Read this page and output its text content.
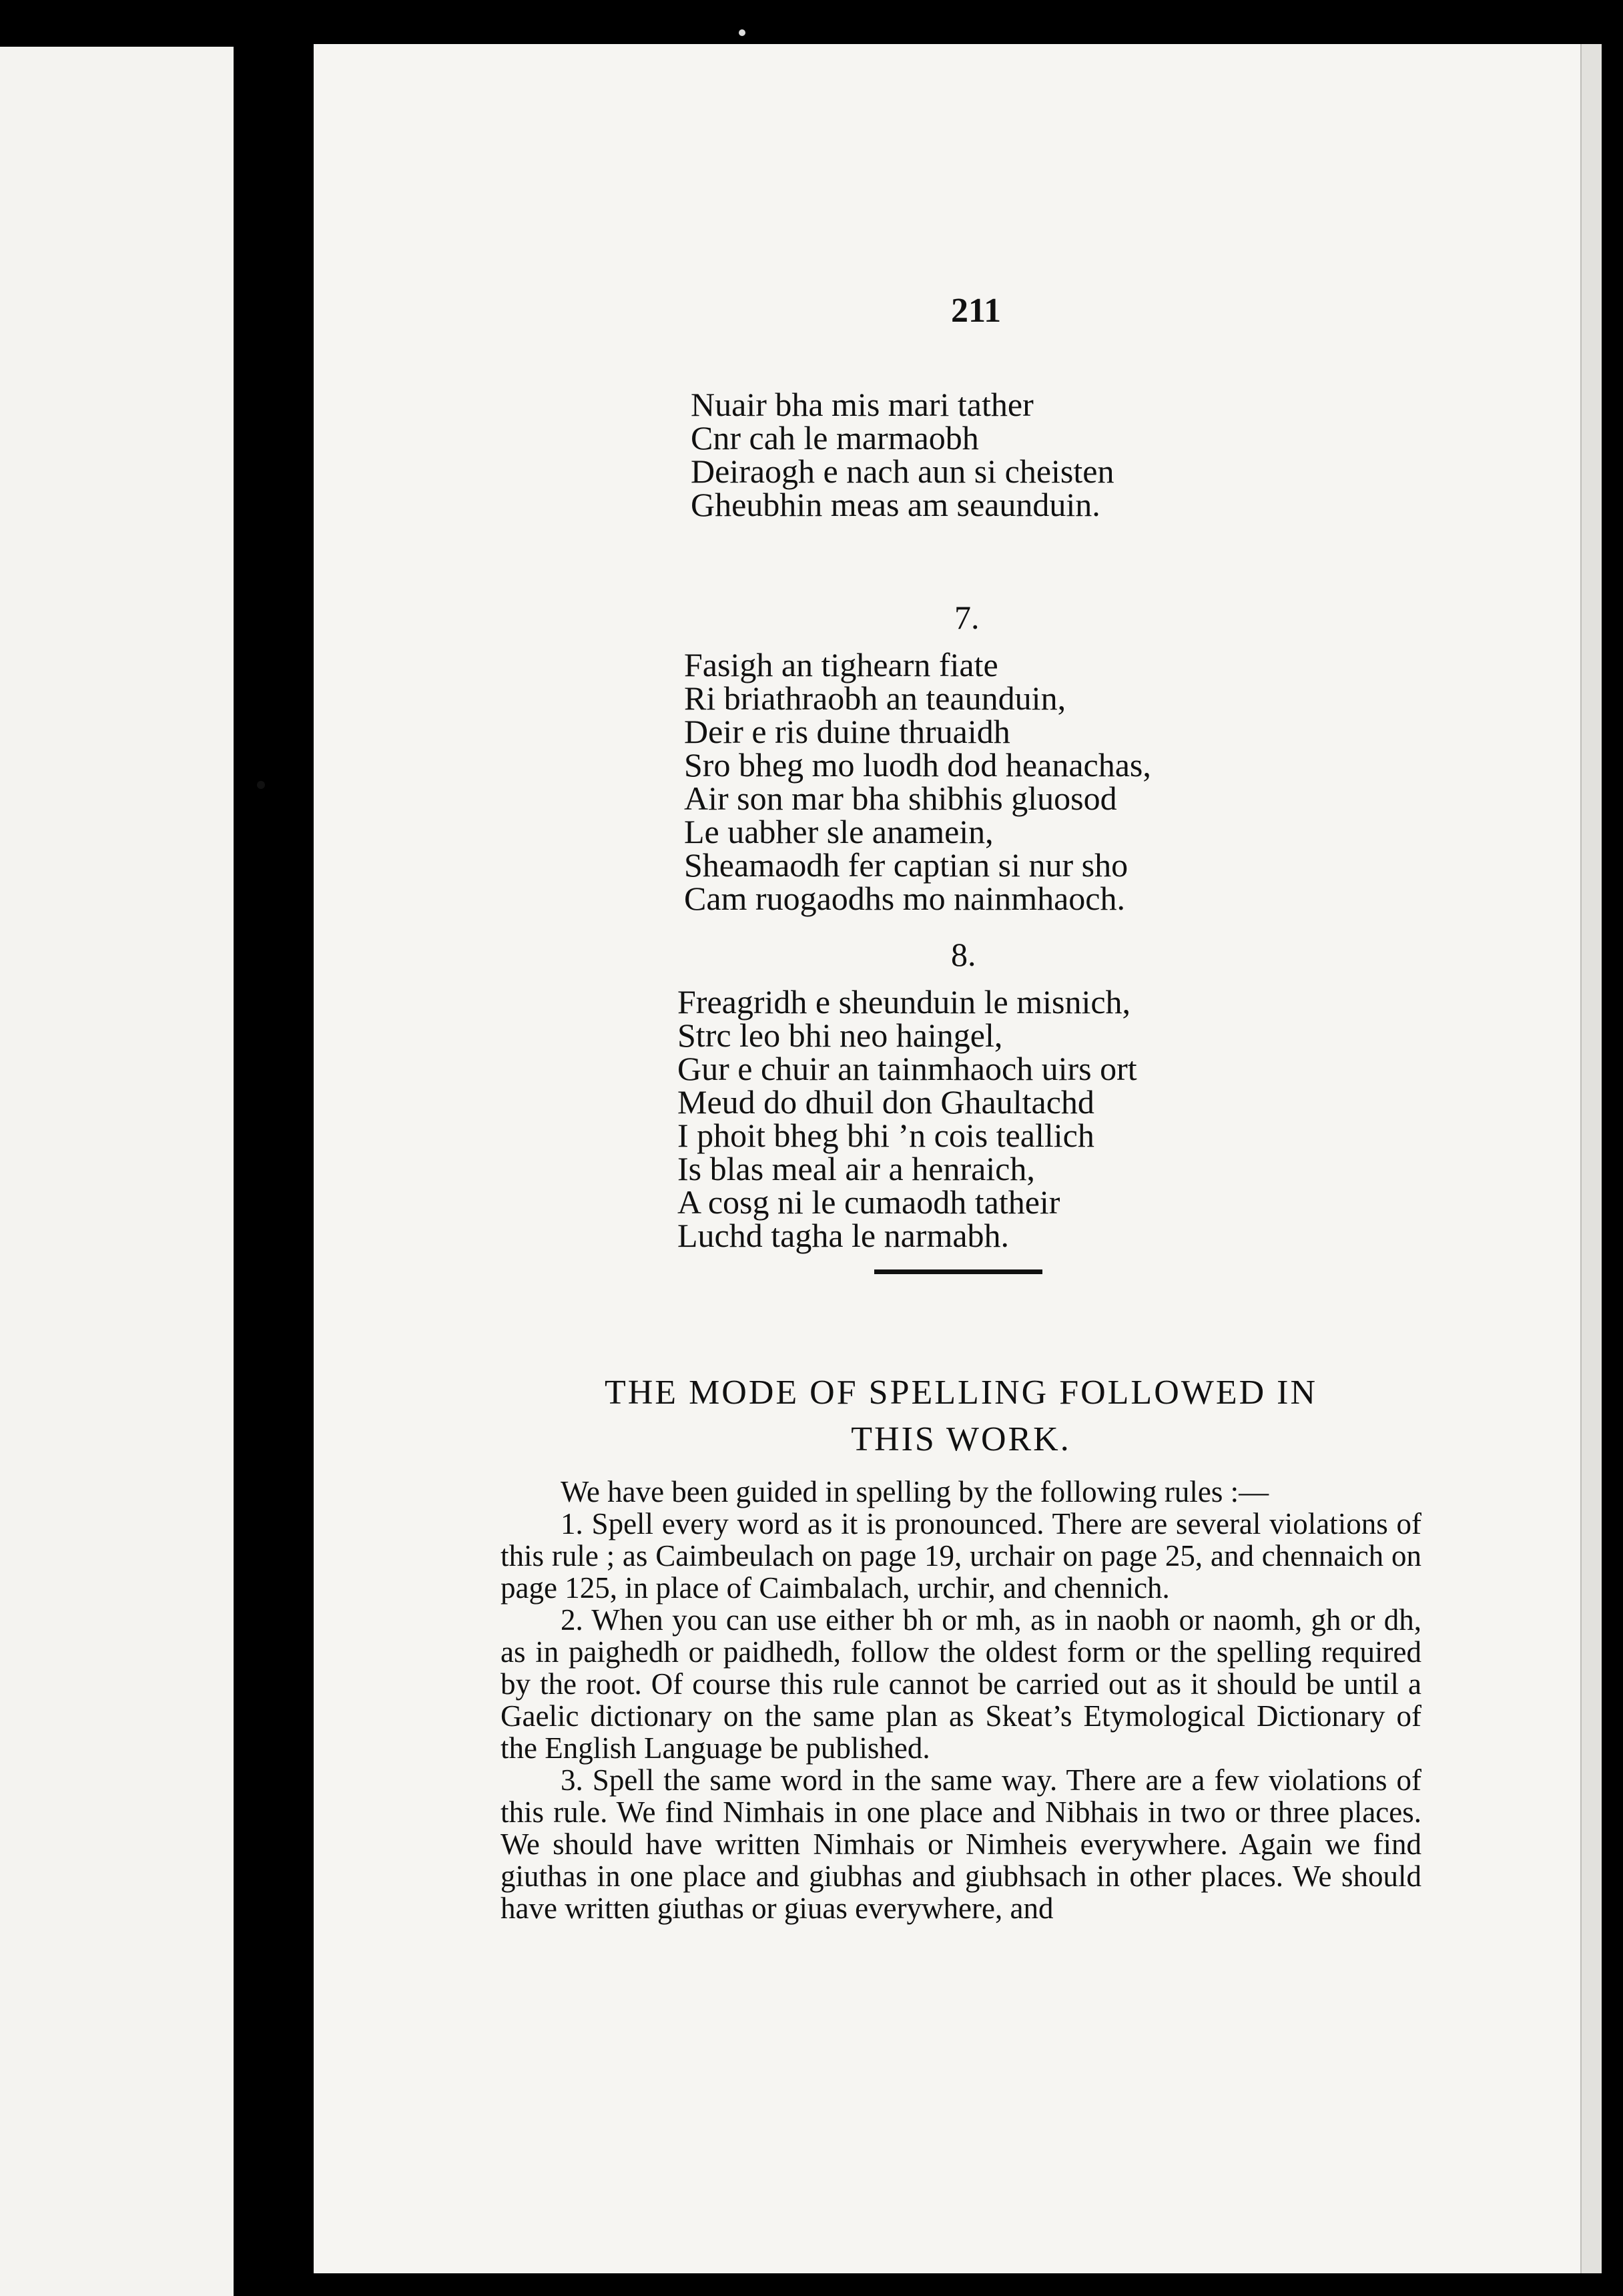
211
Nuair bha mis mari tather
Cnr cah le marmaobh
Deiraogh e nach aun si cheisten
Gheubhin meas am seaunduin.
7.
Fasigh an tighearn fiate
Ri briathraobh an teaunduin,
Deir e ris duine thruaidh
Sro bheg mo luodh dod heanachas,
Air son mar bha shibhis gluosod
Le uabher sle anamein,
Sheamaodh fer captian si nur sho
Cam ruogaodhs mo nainmhaoch.
8.
Freagridh e sheunduin le misnich,
Strc leo bhi neo haingel,
Gur e chuir an tainmhaoch uirs ort
Meud do dhuil don Ghaultachd
I phoit bheg bhi ’n cois teallich
Is blas meal air a henraich,
A cosg ni le cumaodh tatheir
Luchd tagha le narmabh.
THE MODE OF SPELLING FOLLOWED IN
THIS WORK.

We have been guided in spelling by the following rules :—

1. Spell every word as it is pronounced. There are several violations of this rule ; as Caimbeulach on page 19, urchair on page 25, and chennaich on page 125, in place of Caimbalach, urchir, and chennich.

2. When you can use either bh or mh, as in naobh or naomh, gh or dh, as in paighedh or paidhedh, follow the oldest form or the spelling required by the root. Of course this rule cannot be carried out as it should be until a Gaelic dictionary on the same plan as Skeat’s Etymological Dictionary of the English Language be published.

3. Spell the same word in the same way. There are a few violations of this rule. We find Nimhais in one place and Nibhais in two or three places. We should have written Nimhais or Nimheis everywhere. Again we find giuthas in one place and giubhas and giubhsach in other places. We should have written giuthas or giuas everywhere, and
